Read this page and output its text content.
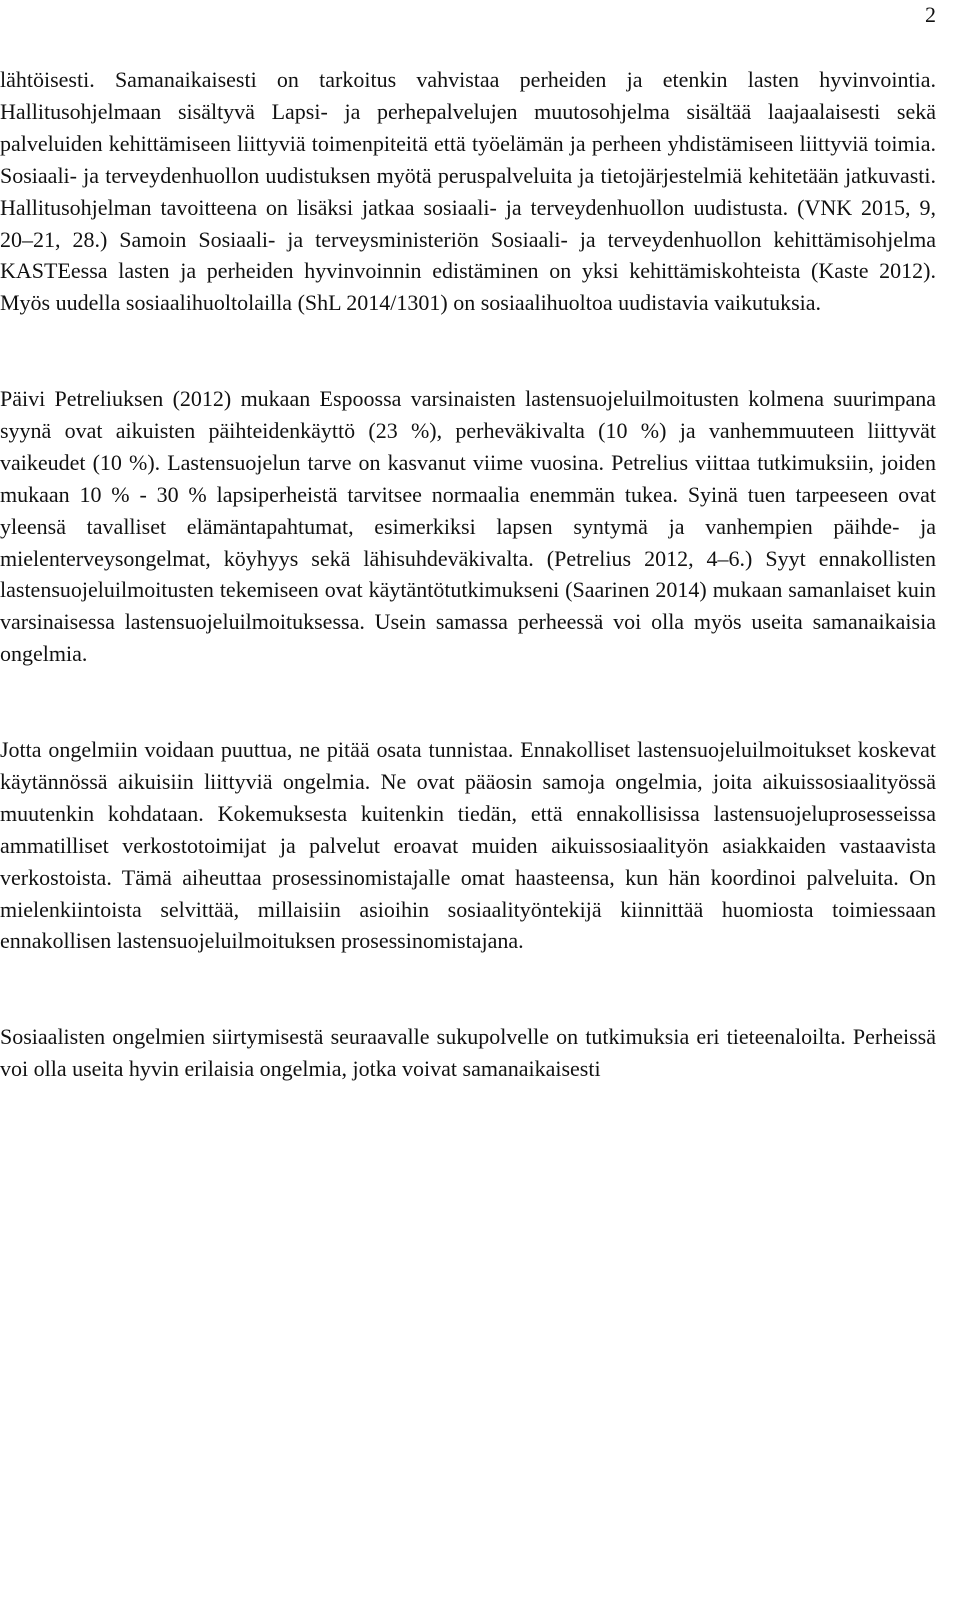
2

lähtöisesti. Samanaikaisesti on tarkoitus vahvistaa perheiden ja etenkin lasten hyvinvointia. Hallitusohjelmaan sisältyvä Lapsi- ja perhepalvelujen muutosohjelma sisältää laajaalaisesti sekä palveluiden kehittämiseen liittyviä toimenpiteitä että työelämän ja perheen yhdistämiseen liittyviä toimia. Sosiaali- ja terveydenhuollon uudistuksen myötä peruspalveluita ja tietojärjestelmiä kehitetään jatkuvasti. Hallitusohjelman tavoitteena on lisäksi jatkaa sosiaali- ja terveydenhuollon uudistusta. (VNK 2015, 9, 20–21, 28.) Samoin Sosiaali- ja terveysministeriön Sosiaali- ja terveydenhuollon kehittämisohjelma KASTEessa lasten ja perheiden hyvinvoinnin edistäminen on yksi kehittämiskohteista (Kaste 2012). Myös uudella sosiaalihuoltolailla (ShL 2014/1301) on sosiaalihuoltoa uudistavia vaikutuksia.

Päivi Petreliuksen (2012) mukaan Espoossa varsinaisten lastensuojeluilmoitusten kolmena suurimpana syynä ovat aikuisten päihteidenkäyttö (23 %), perheväkivalta (10 %) ja vanhemmuuteen liittyvät vaikeudet (10 %). Lastensuojelun tarve on kasvanut viime vuosina. Petrelius viittaa tutkimuksiin, joiden mukaan 10 % - 30 % lapsiperheistä tarvitsee normaalia enemmän tukea. Syinä tuen tarpeeseen ovat yleensä tavalliset elämäntapahtumat, esimerkiksi lapsen syntymä ja vanhempien päihde- ja mielenterveysongelmat, köyhyys sekä lähisuhdeväkivalta. (Petrelius 2012, 4–6.) Syyt ennakollisten lastensuojeluilmoitusten tekemiseen ovat käytäntötutkimukseni (Saarinen 2014) mukaan samanlaiset kuin varsinaisessa lastensuojeluilmoituksessa. Usein samassa perheessä voi olla myös useita samanaikaisia ongelmia.

Jotta ongelmiin voidaan puuttua, ne pitää osata tunnistaa. Ennakolliset lastensuojeluilmoitukset koskevat käytännössä aikuisiin liittyviä ongelmia. Ne ovat pääosin samoja ongelmia, joita aikuissosiaalityössä muutenkin kohdataan. Kokemuksesta kuitenkin tiedän, että ennakollisissa lastensuojeluprosesseissa ammatilliset verkostotoimijat ja palvelut eroavat muiden aikuissosiaalityön asiakkaiden vastaavista verkostoista. Tämä aiheuttaa prosessinomistajalle omat haasteensa, kun hän koordinoi palveluita. On mielenkiintoista selvittää, millaisiin asioihin sosiaalityöntekijä kiinnittää huomiosta toimiessaan ennakollisen lastensuojeluilmoituksen prosessinomistajana.

Sosiaalisten ongelmien siirtymisestä seuraavalle sukupolvelle on tutkimuksia eri tieteenaloilta. Perheissä voi olla useita hyvin erilaisia ongelmia, jotka voivat samanaikaisesti
